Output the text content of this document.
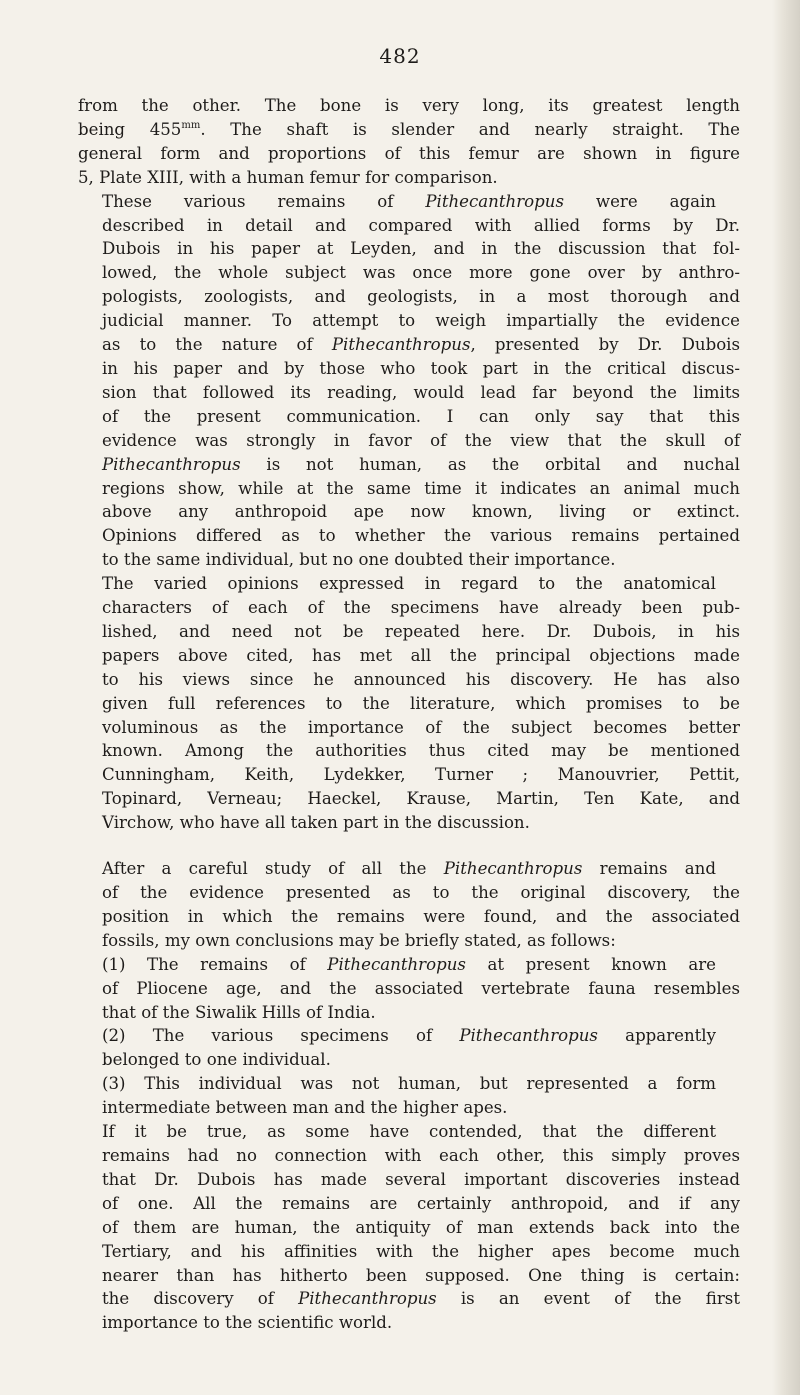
482

from the other. The bone is very long, its greatest length
being $455^{mm}$. The shaft is slender and nearly straight. The
general form and proportions of this femur are shown in figure
5, Plate XIII, with a human femur for comparison.

These various remains of Pithecanthropus were again
described in detail and compared with allied forms by Dr.
Dubois in his paper at Leyden, and in the discussion that fol-
lowed, the whole subject was once more gone over by anthro-
pologists, zoologists, and geologists, in a most thorough and
judicial manner. To attempt to weigh impartially the evidence
as to the nature of Pithecanthropus, presented by Dr. Dubois
in his paper and by those who took part in the critical discus-
sion that followed its reading, would lead far beyond the limits
of the present communication. I can only say that this
evidence was strongly in favor of the view that the skull of
Pithecanthropus is not human, as the orbital and nuchal
regions show, while at the same time it indicates an animal much
above any anthropoid ape now known, living or extinct.
Opinions differed as to whether the various remains pertained
to the same individual, but no one doubted their importance.

The varied opinions expressed in regard to the anatomical
characters of each of the specimens have already been pub-
lished, and need not be repeated here. Dr. Dubois, in his
papers above cited, has met all the principal objections made
to his views since he announced his discovery. He has also
given full references to the literature, which promises to be
voluminous as the importance of the subject becomes better
known. Among the authorities thus cited may be mentioned
Cunningham, Keith, Lydekker, Turner ; Manouvrier, Pettit,
Topinard, Verneau; Haeckel, Krause, Martin, Ten Kate, and
Virchow, who have all taken part in the discussion.

After a careful study of all the Pithecanthropus remains and
of the evidence presented as to the original discovery, the
position in which the remains were found, and the associated
fossils, my own conclusions may be briefly stated, as follows:

(1) The remains of Pithecanthropus at present known are
of Pliocene age, and the associated vertebrate fauna resembles
that of the Siwalik Hills of India.

(2) The various specimens of Pithecanthropus apparently
belonged to one individual.

(3) This individual was not human, but represented a form
intermediate between man and the higher apes.

If it be true, as some have contended, that the different
remains had no connection with each other, this simply proves
that Dr. Dubois has made several important discoveries instead
of one. All the remains are certainly anthropoid, and if any
of them are human, the antiquity of man extends back into the
Tertiary, and his affinities with the higher apes become much
nearer than has hitherto been supposed. One thing is certain:
the discovery of Pithecanthropus is an event of the first
importance to the scientific world.
